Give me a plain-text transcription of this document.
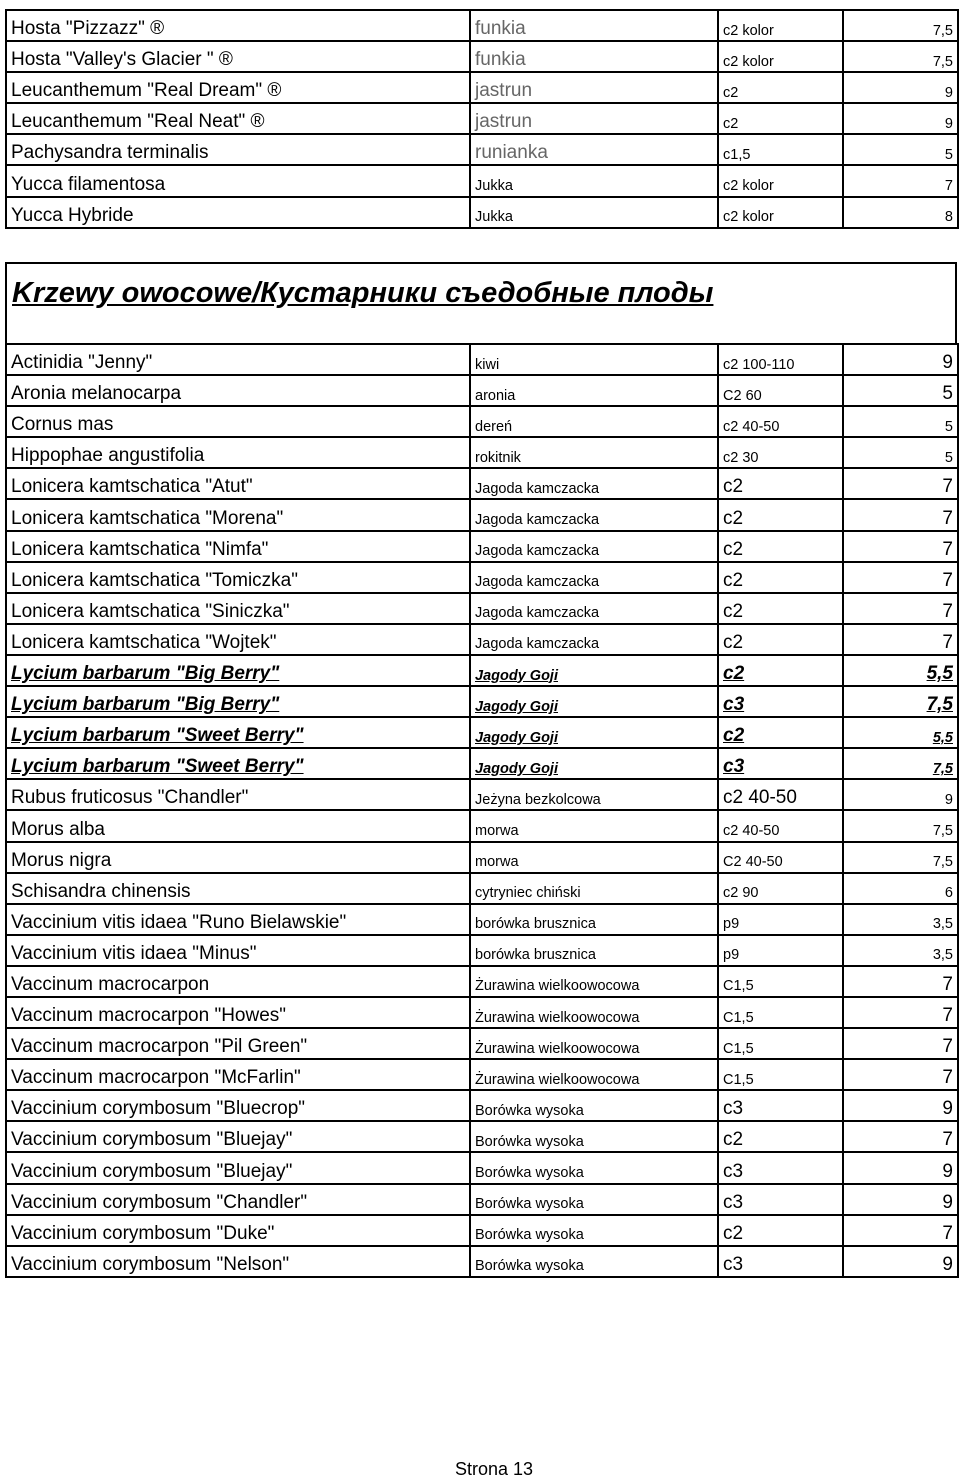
Hosta "Pizzazz" ®	funkia	c2 kolor	7,5
Hosta "Valley's Glacier " ®	funkia	c2 kolor	7,5
Leucanthemum "Real Dream" ®	jastrun	c2	9
Leucanthemum "Real Neat" ®	jastrun	c2	9
Pachysandra terminalis	runianka	c1,5	5
Yucca filamentosa	Jukka	c2 kolor	7
Yucca Hybride	Jukka	c2 kolor	8
Krzewy owocowe/Кустарники съедобные плоды
Actinidia "Jenny"	kiwi	c2 100-110	9
Aronia melanocarpa	aronia	C2 60	5
Cornus mas	dereń	c2 40-50	5
Hippophae angustifolia	rokitnik	c2 30	5
Lonicera kamtschatica "Atut"	Jagoda kamczacka	c2	7
Lonicera kamtschatica "Morena"	Jagoda kamczacka	c2	7
Lonicera kamtschatica "Nimfa"	Jagoda kamczacka	c2	7
Lonicera kamtschatica "Tomiczka"	Jagoda kamczacka	c2	7
Lonicera kamtschatica "Siniczka"	Jagoda kamczacka	c2	7
Lonicera kamtschatica "Wojtek"	Jagoda kamczacka	c2	7
Lycium barbarum "Big Berry"	Jagody Goji	c2	5,5
Lycium barbarum "Big Berry"	Jagody Goji	c3	7,5
Lycium barbarum "Sweet Berry"	Jagody Goji	c2	5,5
Lycium barbarum "Sweet Berry"	Jagody Goji	c3	7,5
Rubus fruticosus "Chandler"	Jeżyna bezkolcowa	c2 40-50	9
Morus alba	morwa	c2 40-50	7,5
Morus nigra	morwa	C2 40-50	7,5
Schisandra chinensis	cytryniec chiński	c2 90	6
Vaccinium vitis idaea "Runo Bielawskie"	borówka brusznica	p9	3,5
Vaccinium vitis idaea "Minus"	borówka brusznica	p9	3,5
Vaccinum macrocarpon	Żurawina wielkoowocowa	C1,5	7
Vaccinum macrocarpon "Howes"	Żurawina wielkoowocowa	C1,5	7
Vaccinum macrocarpon "Pil Green"	Żurawina wielkoowocowa	C1,5	7
Vaccinum macrocarpon "McFarlin"	Żurawina wielkoowocowa	C1,5	7
Vaccinium corymbosum "Bluecrop"	Borówka wysoka	c3	9
Vaccinium corymbosum "Bluejay"	Borówka wysoka	c2	7
Vaccinium corymbosum "Bluejay"	Borówka wysoka	c3	9
Vaccinium corymbosum "Chandler"	Borówka wysoka	c3	9
Vaccinium corymbosum "Duke"	Borówka wysoka	c2	7
Vaccinium corymbosum "Nelson"	Borówka wysoka	c3	9
Strona 13
